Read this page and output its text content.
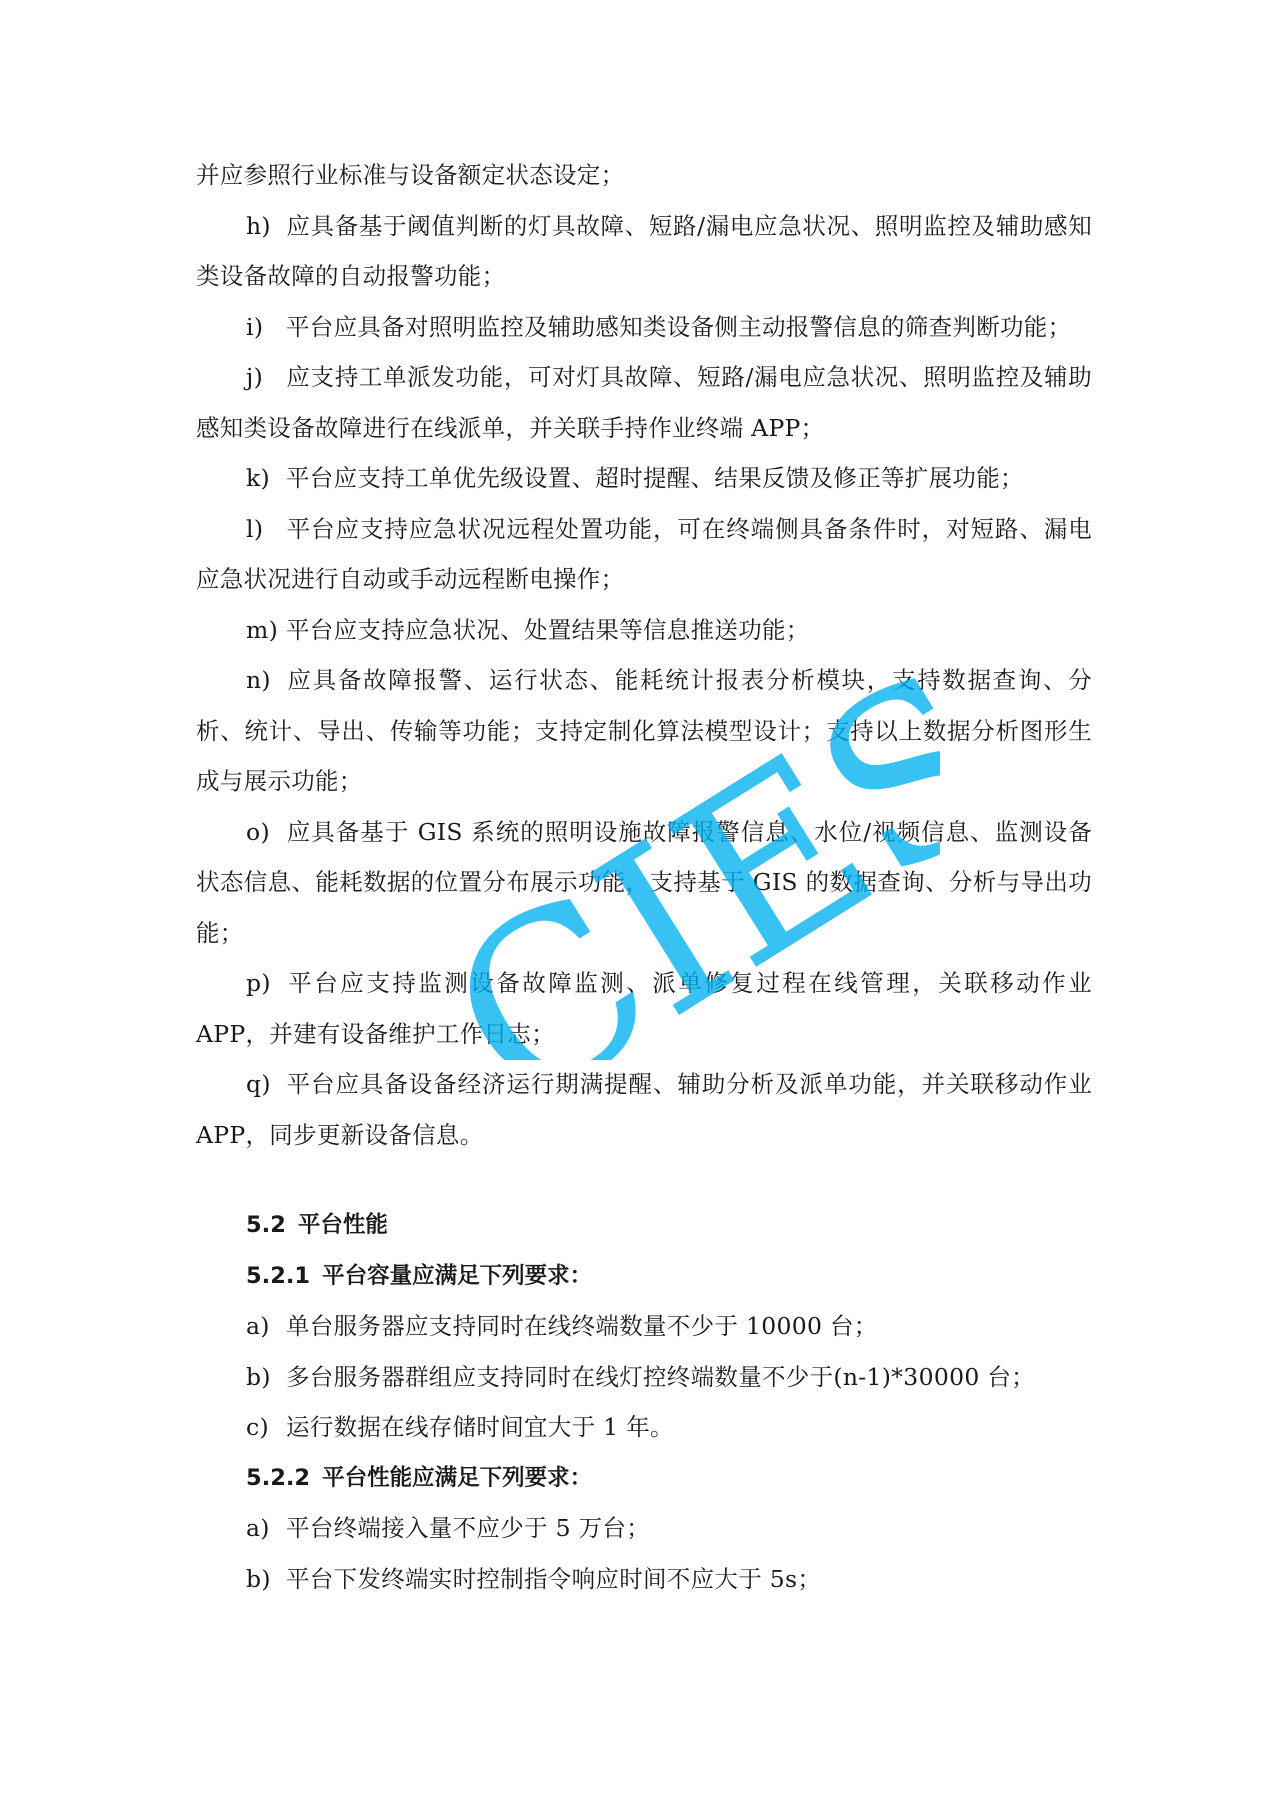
并应参照行业标准与设备额定状态设定；

h) 应具备基于阈值判断的灯具故障、短路/漏电应急状况、照明监控及辅助感知类设备故障的自动报警功能；

i) 平台应具备对照明监控及辅助感知类设备侧主动报警信息的筛查判断功能；

j) 应支持工单派发功能，可对灯具故障、短路/漏电应急状况、照明监控及辅助感知类设备故障进行在线派单，并关联手持作业终端 APP；

k) 平台应支持工单优先级设置、超时提醒、结果反馈及修正等扩展功能；

l) 平台应支持应急状况远程处置功能，可在终端侧具备条件时，对短路、漏电应急状况进行自动或手动远程断电操作；

m) 平台应支持应急状况、处置结果等信息推送功能；

n) 应具备故障报警、运行状态、能耗统计报表分析模块，支持数据查询、分析、统计、导出、传输等功能；支持定制化算法模型设计；支持以上数据分析图形生成与展示功能；

o) 应具备基于 GIS 系统的照明设施故障报警信息、水位/视频信息、监测设备状态信息、能耗数据的位置分布展示功能，支持基于 GIS 的数据查询、分析与导出功能；

p) 平台应支持监测设备故障监测、派单修复过程在线管理，关联移动作业 APP，并建有设备维护工作日志；

q) 平台应具备设备经济运行期满提醒、辅助分析及派单功能，并关联移动作业 APP，同步更新设备信息。

5.2 平台性能

5.2.1 平台容量应满足下列要求：

a) 单台服务器应支持同时在线终端数量不少于 10000 台；

b) 多台服务器群组应支持同时在线灯控终端数量不少于(n-1)*30000 台；

c) 运行数据在线存储时间宜大于 1 年。

5.2.2 平台性能应满足下列要求：

a) 平台终端接入量不应少于 5 万台；

b) 平台下发终端实时控制指令响应时间不应大于 5s；

CIES
